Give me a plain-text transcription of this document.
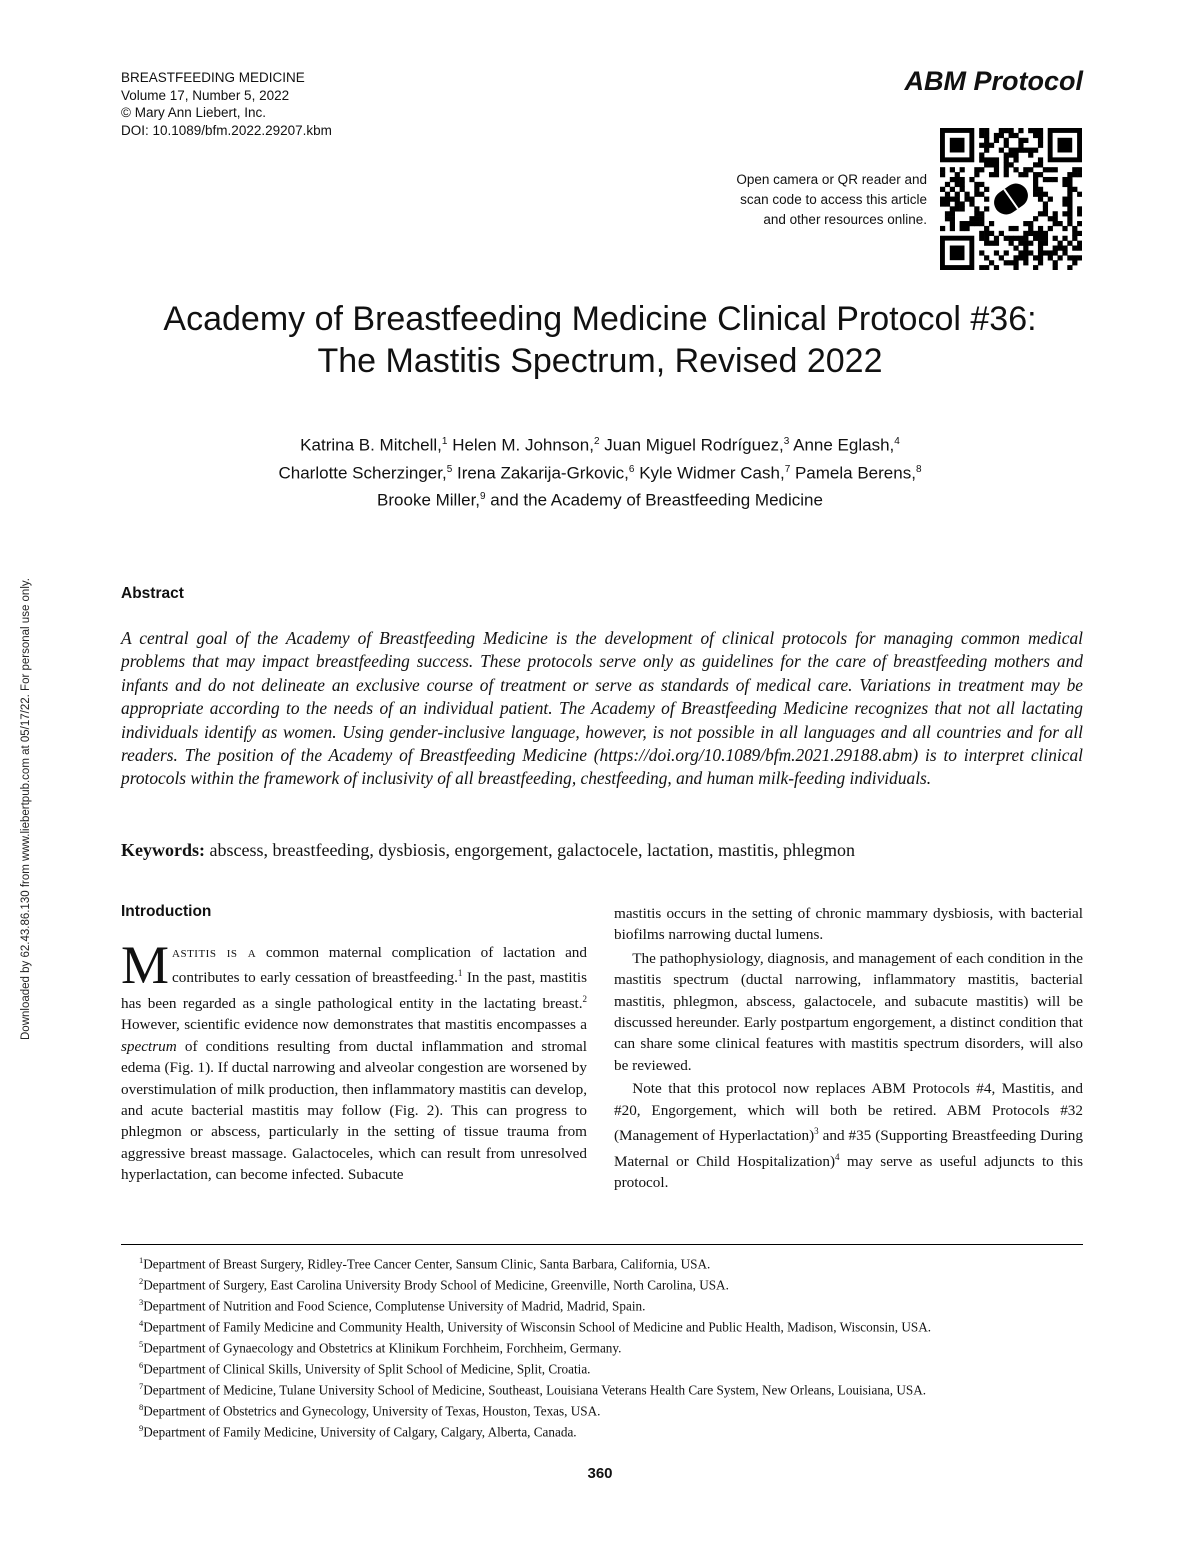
Downloaded by 62.43.86.130 from www.liebertpub.com at 05/17/22. For personal use only.
BREASTFEEDING MEDICINE
Volume 17, Number 5, 2022
© Mary Ann Liebert, Inc.
DOI: 10.1089/bfm.2022.29207.kbm
ABM Protocol
Open camera or QR reader and
scan code to access this article
and other resources online.
Academy of Breastfeeding Medicine Clinical Protocol #36:
The Mastitis Spectrum, Revised 2022
Katrina B. Mitchell,$^1$ Helen M. Johnson,$^2$ Juan Miguel Rodríguez,$^3$ Anne Eglash,$^4$
Charlotte Scherzinger,$^5$ Irena Zakarija-Grkovic,$^6$ Kyle Widmer Cash,$^7$ Pamela Berens,$^8$
Brooke Miller,$^9$ and the Academy of Breastfeeding Medicine
Abstract

A central goal of the Academy of Breastfeeding Medicine is the development of clinical protocols for managing common medical problems that may impact breastfeeding success. These protocols serve only as guidelines for the care of breastfeeding mothers and infants and do not delineate an exclusive course of treatment or serve as standards of medical care. Variations in treatment may be appropriate according to the needs of an individual patient. The Academy of Breastfeeding Medicine recognizes that not all lactating individuals identify as women. Using gender-inclusive language, however, is not possible in all languages and all countries and for all readers. The position of the Academy of Breastfeeding Medicine (https://doi.org/10.1089/bfm.2021.29188.abm) is to interpret clinical protocols within the framework of inclusivity of all breastfeeding, chestfeeding, and human milk-feeding individuals.

Keywords: abscess, breastfeeding, dysbiosis, engorgement, galactocele, lactation, mastitis, phlegmon
Introduction

Mastitis is a common maternal complication of lactation and contributes to early cessation of breastfeeding.$^1$ In the past, mastitis has been regarded as a single pathological entity in the lactating breast.$^2$ However, scientific evidence now demonstrates that mastitis encompasses a spectrum of conditions resulting from ductal inflammation and stromal edema (Fig. 1). If ductal narrowing and alveolar congestion are worsened by overstimulation of milk production, then inflammatory mastitis can develop, and acute bacterial mastitis may follow (Fig. 2). This can progress to phlegmon or abscess, particularly in the setting of tissue trauma from aggressive breast massage. Galactoceles, which can result from unresolved hyperlactation, can become infected. Subacute

mastitis occurs in the setting of chronic mammary dysbiosis, with bacterial biofilms narrowing ductal lumens.

The pathophysiology, diagnosis, and management of each condition in the mastitis spectrum (ductal narrowing, inflammatory mastitis, bacterial mastitis, phlegmon, abscess, galactocele, and subacute mastitis) will be discussed hereunder. Early postpartum engorgement, a distinct condition that can share some clinical features with mastitis spectrum disorders, will also be reviewed.

Note that this protocol now replaces ABM Protocols #4, Mastitis, and #20, Engorgement, which will both be retired. ABM Protocols #32 (Management of Hyperlactation)$^3$ and #35 (Supporting Breastfeeding During Maternal or Child Hospitalization)$^4$ may serve as useful adjuncts to this protocol.

$^1$Department of Breast Surgery, Ridley-Tree Cancer Center, Sansum Clinic, Santa Barbara, California, USA.
$^2$Department of Surgery, East Carolina University Brody School of Medicine, Greenville, North Carolina, USA.
$^3$Department of Nutrition and Food Science, Complutense University of Madrid, Madrid, Spain.
$^4$Department of Family Medicine and Community Health, University of Wisconsin School of Medicine and Public Health, Madison, Wisconsin, USA.
$^5$Department of Gynaecology and Obstetrics at Klinikum Forchheim, Forchheim, Germany.
$^6$Department of Clinical Skills, University of Split School of Medicine, Split, Croatia.
$^7$Department of Medicine, Tulane University School of Medicine, Southeast, Louisiana Veterans Health Care System, New Orleans, Louisiana, USA.
$^8$Department of Obstetrics and Gynecology, University of Texas, Houston, Texas, USA.
$^9$Department of Family Medicine, University of Calgary, Calgary, Alberta, Canada.
360
